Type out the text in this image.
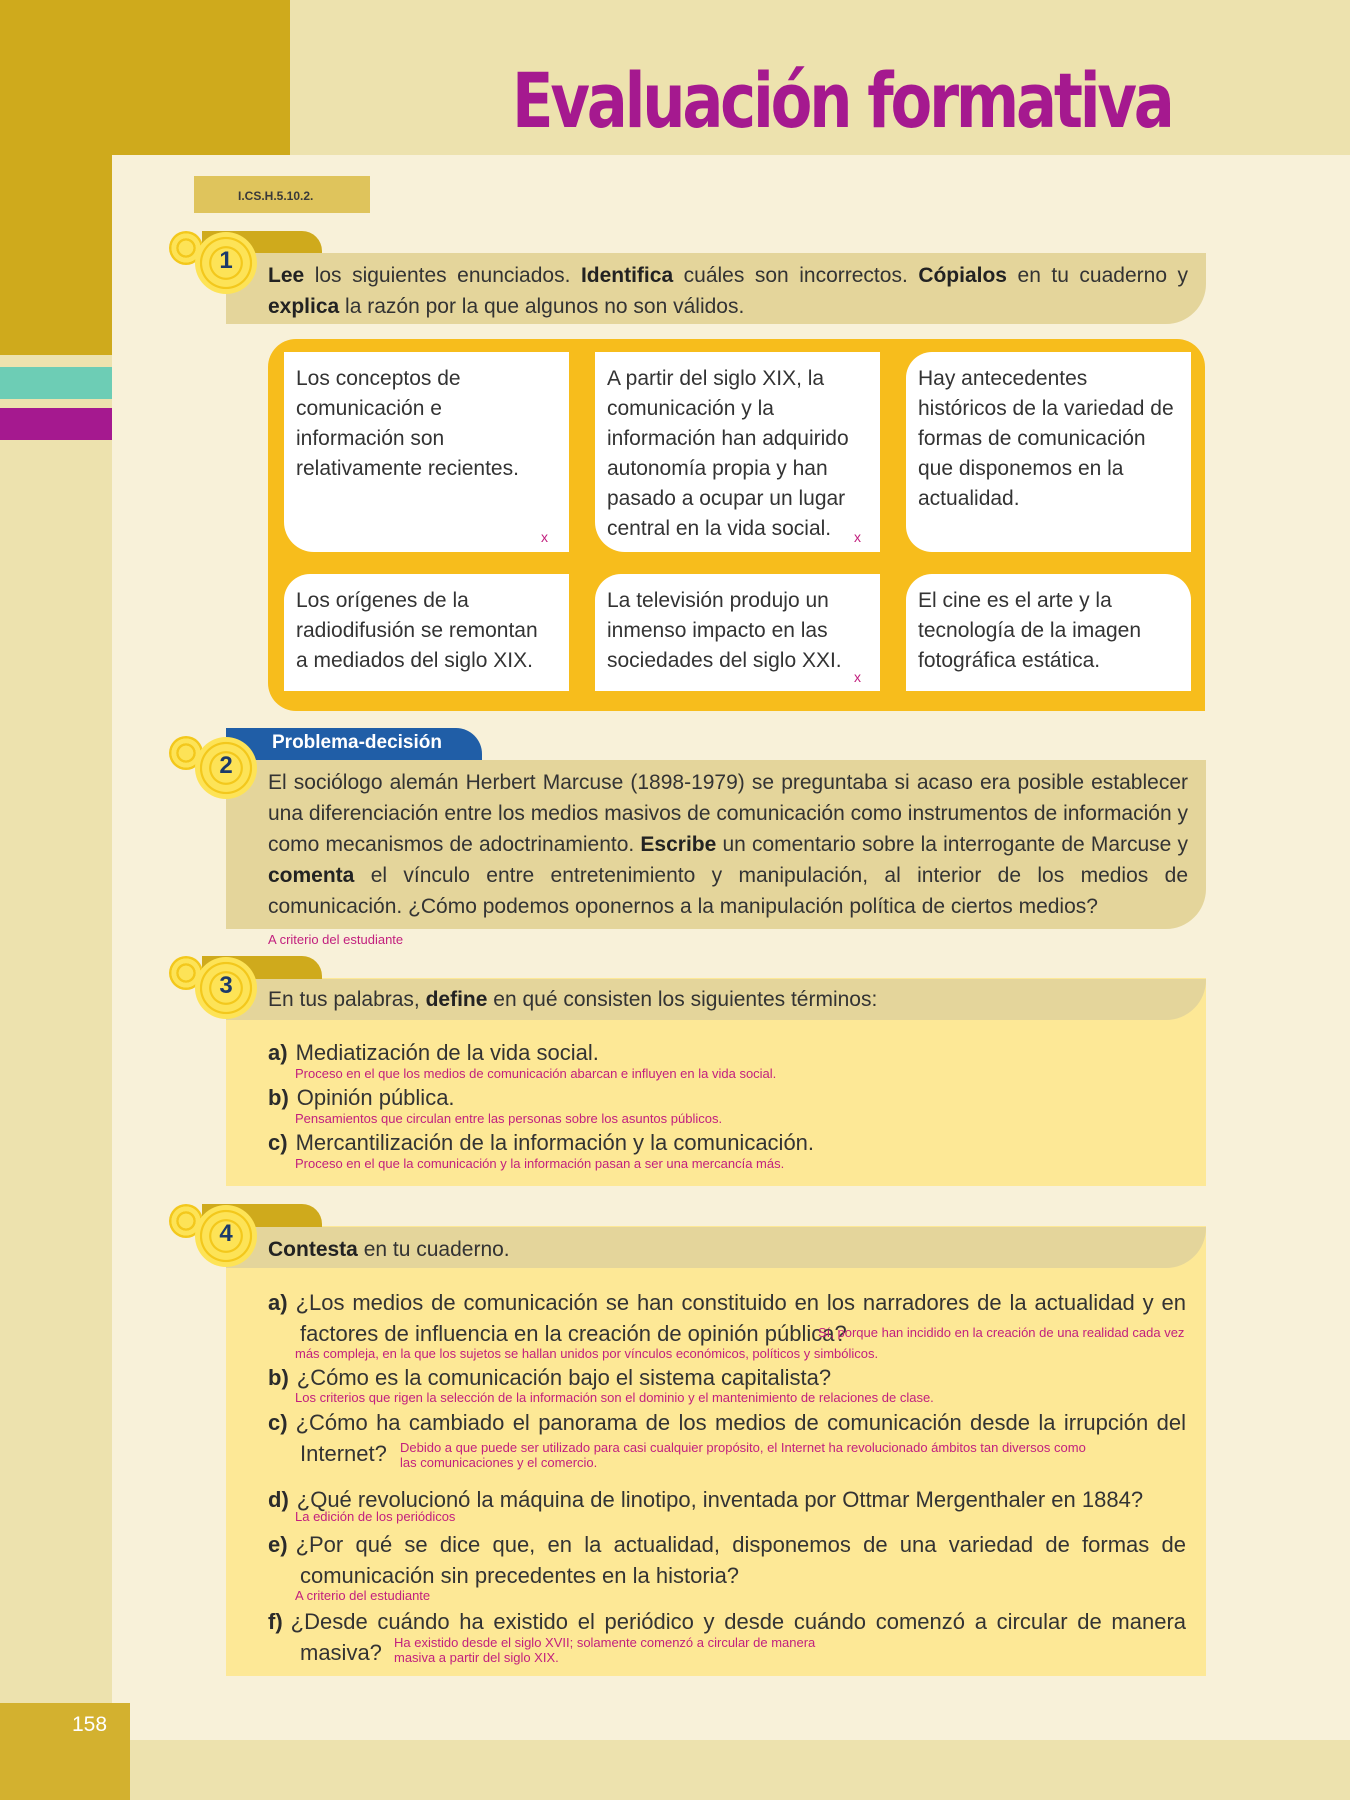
158
Evaluación formativa
I.CS.H.5.10.2.
Lee los siguientes enunciados. Identifica cuáles son incorrectos. Cópialos en tu cuaderno y explica la razón por la que algunos no son válidos.
1
Los conceptos de comunicación e información son relativamente recientes.
x
A partir del siglo XIX, la comunicación y la información han adquirido autonomía propia y han pasado a ocupar un lugar central en la vida social.	x
Hay antecedentes históricos de la variedad de formas de comunicación que disponemos en la actualidad.
Los orígenes de la radiodifusión se remontan a mediados del siglo XIX.
La televisión produjo un inmenso impacto en las sociedades del siglo XXI.
x
El cine es el arte y la tecnología de la imagen fotográfica estática.
Problema-decisión
El sociólogo alemán Herbert Marcuse (1898-1979) se preguntaba si acaso era posible establecer una diferenciación entre los medios masivos de comunicación como instrumentos de información y como mecanismos de adoctrinamiento. Escribe un comentario sobre la interrogante de Marcuse y comenta el vínculo entre entretenimiento y manipulación, al interior de los medios de comunicación. ¿Cómo podemos oponernos a la manipulación política de ciertos medios?
2
A criterio del estudiante
En tus palabras, define en qué consisten los siguientes términos:
3
a) Mediatización de la vida social.
Proceso en el que los medios de comunicación abarcan e influyen en la vida social.
b) Opinión pública.
Pensamientos que circulan entre las personas sobre los asuntos públicos.
c) Mercantilización de la información y la comunicación.
Proceso en el que la comunicación y la información pasan a ser una mercancía más.
Contesta en tu cuaderno.
4
a) ¿Los medios de comunicación se han constituido en los narradores de la actualidad y en factores de influencia en la creación de opinión pública?
Sí, porque han incidido en la creación de una realidad cada vez
más compleja, en la que los sujetos se hallan unidos por vínculos económicos, políticos y simbólicos.
b) ¿Cómo es la comunicación bajo el sistema capitalista?
Los criterios que rigen la selección de la información son el dominio y el mantenimiento de relaciones de clase.
c) ¿Cómo ha cambiado el panorama de los medios de comunicación desde la irrupción del Internet?	Debido a que puede ser utilizado para casi cualquier propósito, el Internet ha revolucionado ámbitos tan diversos como las comunicaciones y el comercio.
d) ¿Qué revolucionó la máquina de linotipo, inventada por Ottmar Mergenthaler en 1884?
La edición de los periódicos
e) ¿Por qué se dice que, en la actualidad, disponemos de una variedad de formas de comunicación sin precedentes en la historia?
A criterio del estudiante
f) ¿Desde cuándo ha existido el periódico y desde cuándo comenzó a circular de manera masiva? Ha existido desde el siglo XVII; solamente comenzó a circular de manera masiva a partir del siglo XIX.
